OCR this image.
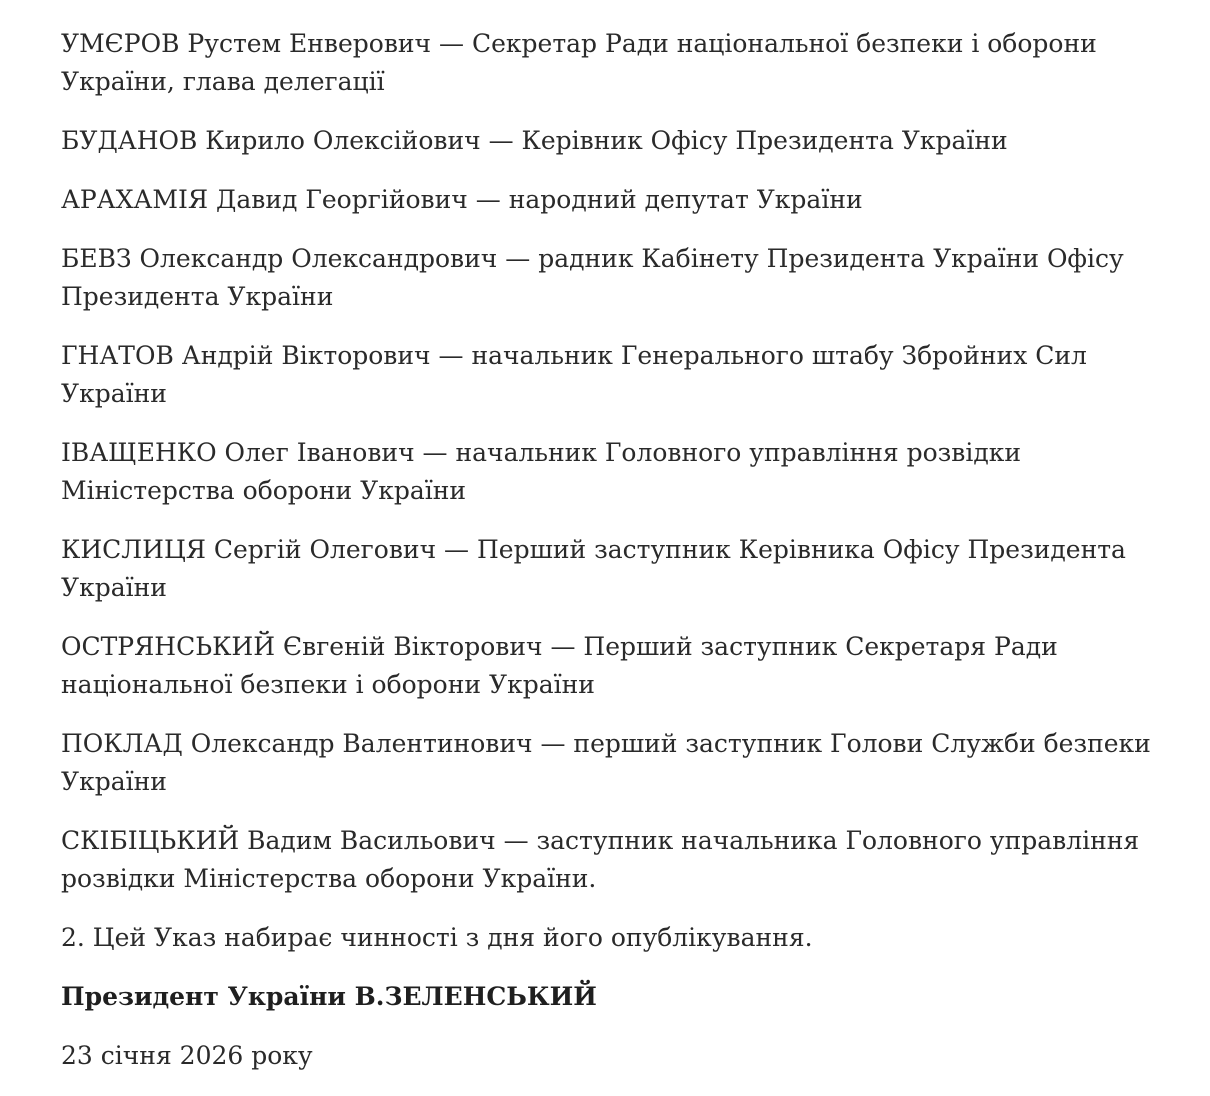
УМЄРОВ Рустем Енверович — Секретар Ради національної безпеки і оборони України, глава делегації

БУДАНОВ Кирило Олексійович — Керівник Офісу Президента України

АРАХАМІЯ Давид Георгійович — народний депутат України

БЕВЗ Олександр Олександрович — радник Кабінету Президента України Офісу Президента України

ГНАТОВ Андрій Вікторович — начальник Генерального штабу Збройних Сил України

ІВАЩЕНКО Олег Іванович — начальник Головного управління розвідки Міністерства оборони України

КИСЛИЦЯ Сергій Олегович — Перший заступник Керівника Офісу Президента України

ОСТРЯНСЬКИЙ Євгеній Вікторович — Перший заступник Секретаря Ради національної безпеки і оборони України

ПОКЛАД Олександр Валентинович — перший заступник Голови Служби безпеки України

СКІБІЦЬКИЙ Вадим Васильович — заступник начальника Головного управління розвідки Міністерства оборони України.

2. Цей Указ набирає чинності з дня його опублікування.

Президент України В.ЗЕЛЕНСЬКИЙ

23 січня 2026 року
